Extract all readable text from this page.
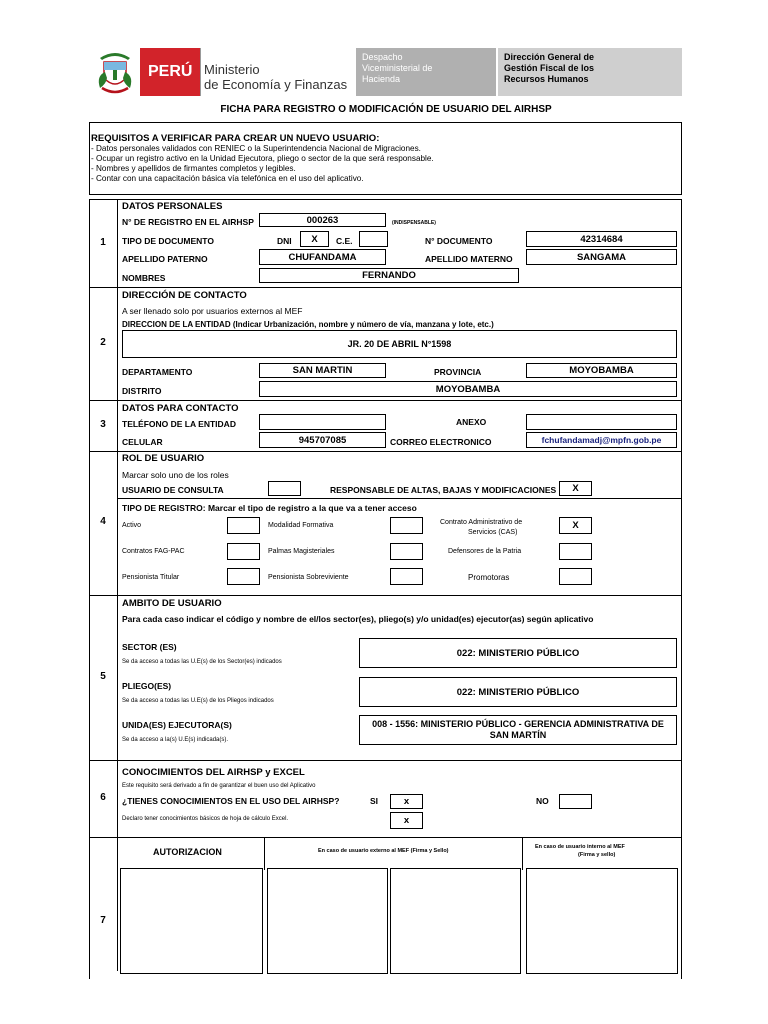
PERÚ Ministerio
de Economía y Finanzas
Despacho
Viceministerial de
Hacienda
Dirección General de
Gestión Fiscal de los
Recursos Humanos
FICHA PARA REGISTRO O MODIFICACIÓN DE USUARIO DEL AIRHSP
REQUISITOS A VERIFICAR PARA CREAR UN NUEVO USUARIO:
- Datos personales validados con RENIEC o la Superintendencia Nacional de Migraciones.
- Ocupar un registro activo en la Unidad Ejecutora, pliego o sector de la que será responsable.
- Nombres y apellidos de firmantes completos y legibles.
- Contar con una capacitación básica vía telefónica en el uso del aplicativo.
1
DATOS PERSONALES
N° DE REGISTRO EN EL AIRHSP	000263	(INDISPENSABLE)
TIPO DE DOCUMENTO	DNI	X	C.E.	N° DOCUMENTO	42314684
APELLIDO PATERNO	CHUFANDAMA	APELLIDO MATERNO	SANGAMA
NOMBRES	FERNANDO
2
DIRECCIÓN DE CONTACTO
A ser llenado solo por usuarios externos al MEF
DIRECCION DE LA ENTIDAD (Indicar Urbanización, nombre y número de vía, manzana y lote, etc.)
JR. 20 DE ABRIL N°1598
DEPARTAMENTO	SAN MARTIN	PROVINCIA	MOYOBAMBA
DISTRITO	MOYOBAMBA
3
DATOS PARA CONTACTO
TELÉFONO DE LA ENTIDAD	ANEXO
CELULAR	945707085	CORREO ELECTRONICO	fchufandamadj@mpfn.gob.pe
4
ROL DE USUARIO
Marcar solo uno de los roles
USUARIO DE CONSULTA	RESPONSABLE DE ALTAS, BAJAS Y MODIFICACIONES	X
TIPO DE REGISTRO: Marcar el tipo de registro a la que va a tener acceso
Activo	Modalidad Formativa	Contrato Administrativo de
Servicios (CAS)
X
Contratos FAG-PAC	Palmas Magisteriales	Defensores de la Patria
Pensionista Titular	Pensionista Sobreviviente	Promotoras
5
AMBITO DE USUARIO
Para cada caso indicar el código y nombre de el/los sector(es), pliego(s) y/o unidad(es) ejecutor(as) según aplicativo
SECTOR (ES)
Se da acceso a todas las U.E(s) de los Sector(es) indicados
022: MINISTERIO PÚBLICO
PLIEGO(ES)
Se da acceso a todas las U.E(s) de los Pliegos indicados
022: MINISTERIO PÚBLICO
UNIDA(ES) EJECUTORA(S)
Se da acceso a la(s) U.E(s) indicada(s).
008 - 1556: MINISTERIO PÚBLICO - GERENCIA ADMINISTRATIVA DE
SAN MARTÍN
6
CONOCIMIENTOS DEL AIRHSP y EXCEL
Este requisito será derivado a fin de garantizar el buen uso del Aplicativo
¿TIENES CONOCIMIENTOS EN EL USO DEL AIRHSP?	SI	x	NO
Declaro tener conocimientos básicos de hoja de cálculo Excel.	x
7
AUTORIZACION	En caso de usuario externo al MEF (Firma y Sello)
En caso de usuario interno al MEF
(Firma y sello)
